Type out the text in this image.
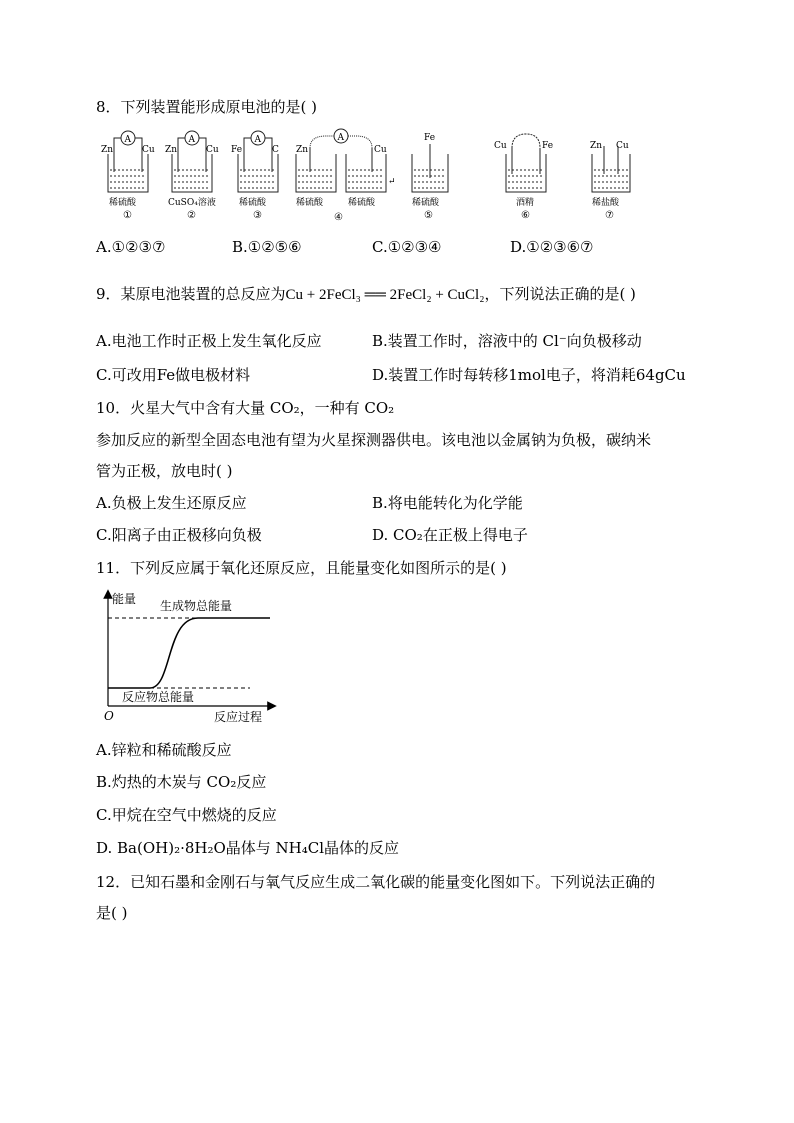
8．下列装置能形成原电池的是( )
A
Zn	Cu
稀硫酸
①
A
Zn	Cu
CuSO₄溶液
②
A
Fe	C
稀硫酸
③
A
Zn	Cu
稀硫酸	稀硫酸
④
↵
Fe
稀硫酸
⑤
Cu	Fe
酒精
⑥
Zn Cu
稀盐酸
⑦
A.①②③⑦	B.①②⑤⑥	C.①②③④	D.①②③⑥⑦
9．某原电池装置的总反应为Cu + 2FeCl₃ ══ 2FeCl₂ + CuCl₂，下列说法正确的是( )
A.电池工作时正极上发生氧化反应	B.装置工作时，溶液中的 Cl⁻向负极移动
C.可改用Fe做电极材料	D.装置工作时每转移1mol电子，将消耗64gCu
10．火星大气中含有大量 CO₂，一种有 CO₂
参加反应的新型全固态电池有望为火星探测器供电。该电池以金属钠为负极，碳纳米
管为正极，放电时( )
A.负极上发生还原反应	B.将电能转化为化学能
C.阳离子由正极移向负极	D. CO₂在正极上得电子
11．下列反应属于氧化还原反应，且能量变化如图所示的是( )
能量 生成物总能量
反应物总能量
O	反应过程
A.锌粒和稀硫酸反应
B.灼热的木炭与 CO₂反应
C.甲烷在空气中燃烧的反应
D. Ba(OH)₂·8H₂O晶体与 NH₄Cl晶体的反应
12．已知石墨和金刚石与氧气反应生成二氧化碳的能量变化图如下。下列说法正确的
是( )
